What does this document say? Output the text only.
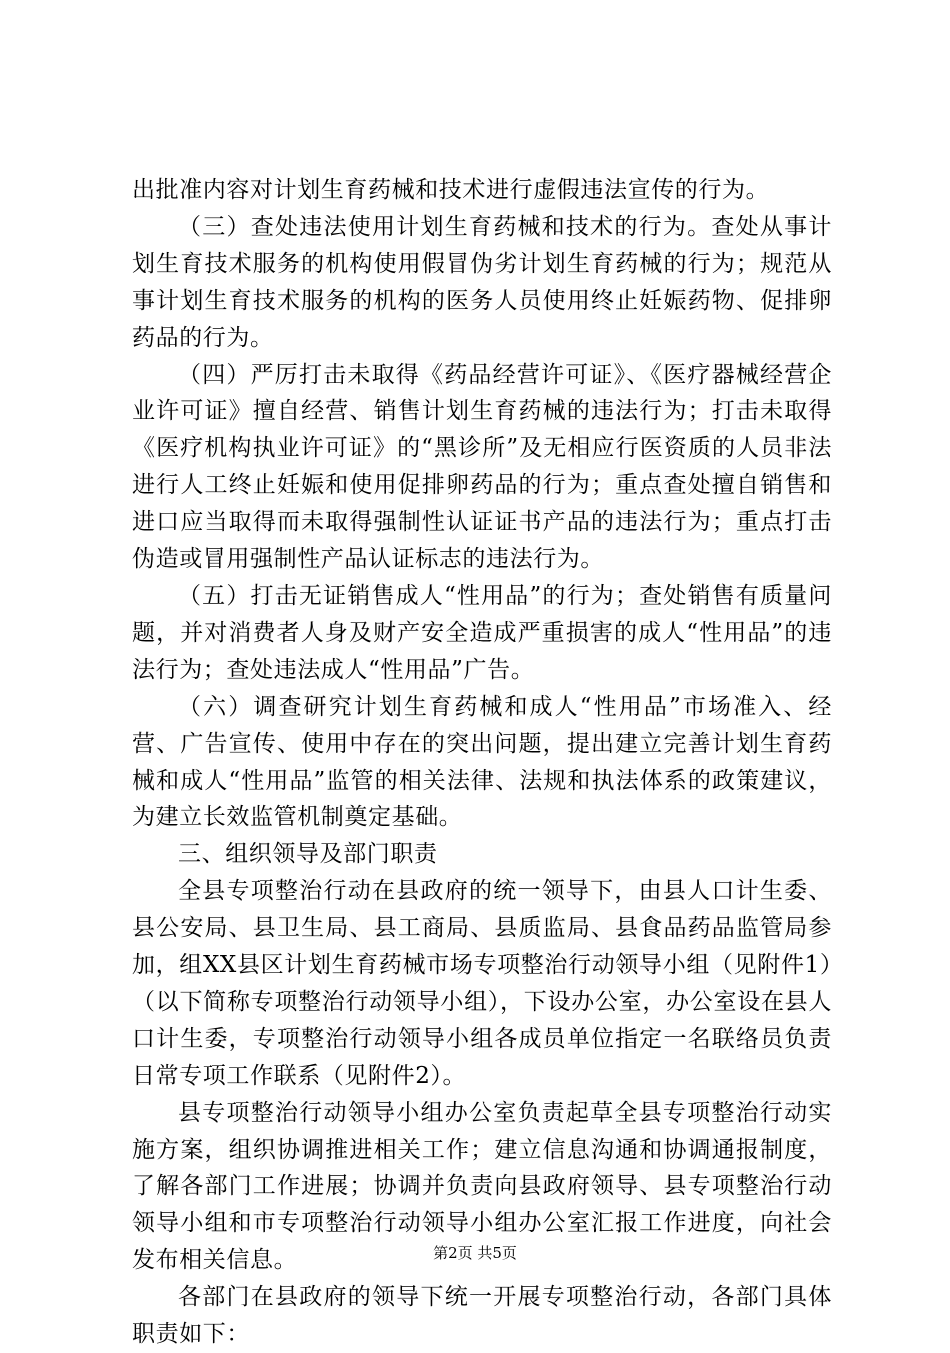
出批准内容对计划生育药械和技术进行虚假违法宣传的行为。

（三）查处违法使用计划生育药械和技术的行为。查处从事计划生育技术服务的机构使用假冒伪劣计划生育药械的行为；规范从事计划生育技术服务的机构的医务人员使用终止妊娠药物、促排卵药品的行为。

（四）严厉打击未取得《药品经营许可证》、《医疗器械经营企业许可证》擅自经营、销售计划生育药械的违法行为；打击未取得《医疗机构执业许可证》的“黑诊所”及无相应行医资质的人员非法进行人工终止妊娠和使用促排卵药品的行为；重点查处擅自销售和进口应当取得而未取得强制性认证证书产品的违法行为；重点打击伪造或冒用强制性产品认证标志的违法行为。

（五）打击无证销售成人“性用品”的行为；查处销售有质量问题，并对消费者人身及财产安全造成严重损害的成人“性用品”的违法行为；查处违法成人“性用品”广告。

（六）调查研究计划生育药械和成人“性用品”市场准入、经营、广告宣传、使用中存在的突出问题，提出建立完善计划生育药械和成人“性用品”监管的相关法律、法规和执法体系的政策建议，为建立长效监管机制奠定基础。

三、组织领导及部门职责

全县专项整治行动在县政府的统一领导下，由县人口计生委、县公安局、县卫生局、县工商局、县质监局、县食品药品监管局参加，组XX县区计划生育药械市场专项整治行动领导小组（见附件1）（以下简称专项整治行动领导小组），下设办公室，办公室设在县人口计生委，专项整治行动领导小组各成员单位指定一名联络员负责日常专项工作联系（见附件2）。

县专项整治行动领导小组办公室负责起草全县专项整治行动实施方案，组织协调推进相关工作；建立信息沟通和协调通报制度，了解各部门工作进展；协调并负责向县政府领导、县专项整治行动领导小组和市专项整治行动领导小组办公室汇报工作进度，向社会发布相关信息。

各部门在县政府的领导下统一开展专项整治行动，各部门具体职责如下：

第2页 共5页
